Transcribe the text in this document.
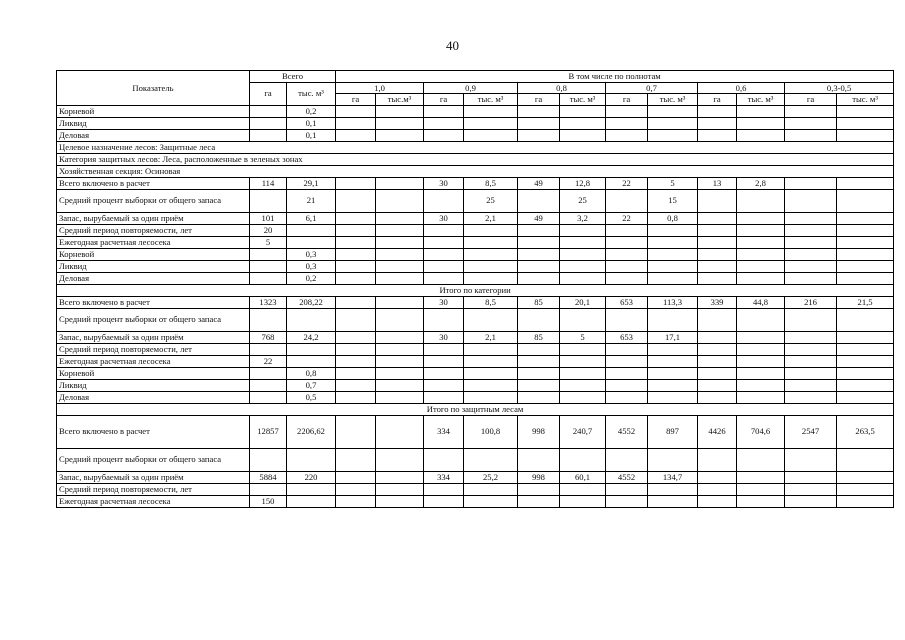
40
Показатель	Всего		В том числе по полнотам											
	га	тыс. м³	1,0		0,9		0,8		0,7		0,6		0,3-0,5	
			га	тыс.м³	га	тыс. м³	га	тыс. м³	га	тыс. м³	га	тыс. м³	га	тыс. м³
Корневой		0,2												
Ликвид		0,1												
Деловая		0,1												
Целевое назначение лесов: Защитные леса														
Категория защитных лесов: Леса, расположенные в зеленых зонах														
Хозяйственная секция: Осиновая														
Всего включено в расчет	114	29,1			30	8,5	49	12,8	22	5	13	2,8		
Средний процент выборки от общего запаса		21				25		25		15				
Запас, вырубаемый за один приём	101	6,1			30	2,1	49	3,2	22	0,8				
Средний период повторяемости, лет	20													
Ежегодная расчетная лесосека	5													
Корневой		0,3												
Ликвид		0,3												
Деловая		0,2												
Итого по категории														
Всего включено в расчет	1323	208,22			30	8,5	85	20,1	653	113,3	339	44,8	216	21,5
Средний процент выборки от общего запаса														
Запас, вырубаемый за один приём	768	24,2			30	2,1	85	5	653	17,1				
Средний период повторяемости, лет														
Ежегодная расчетная лесосека	22													
Корневой		0,8												
Ликвид		0,7												
Деловая		0,5												
Итого по защитным лесам														
Всего включено в расчет	12857	2206,62			334	100,8	998	240,7	4552	897	4426	704,6	2547	263,5
Средний процент выборки от общего запаса														
Запас, вырубаемый за один приём	5884	220			334	25,2	998	60,1	4552	134,7				
Средний период повторяемости, лет														
Ежегодная расчетная лесосека	150													
